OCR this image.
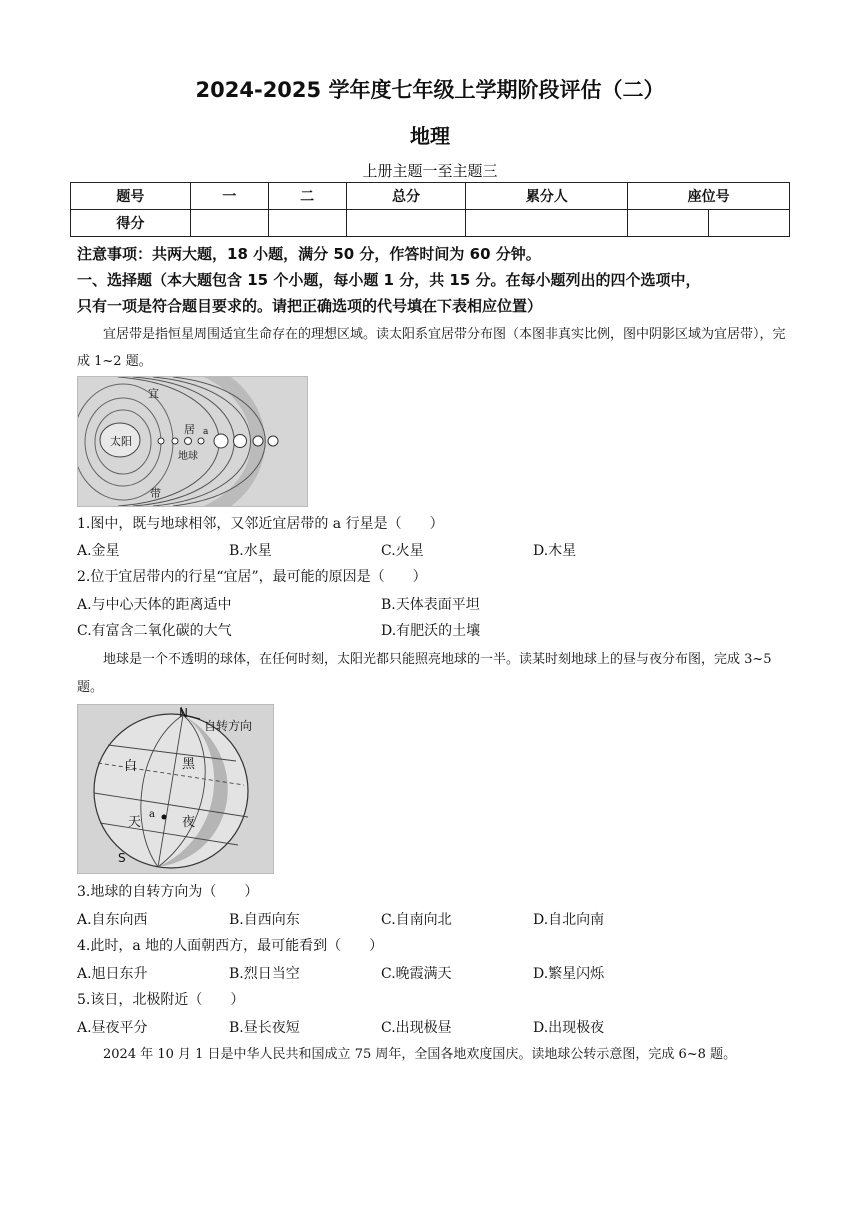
2024-2025 学年度七年级上学期阶段评估（二）
地理
上册主题一至主题三
题号	一	二	总分	累分人	座位号	
得分						

注意事项：共两大题，18 小题，满分 50 分，作答时间为 60 分钟。

一、选择题（本大题包含 15 个小题，每小题 1 分，共 15 分。在每小题列出的四个选项中，

只有一项是符合题目要求的。请把正确选项的代号填在下表相应位置）

宜居带是指恒星周围适宜生命存在的理想区域。读太阳系宜居带分布图（本图非真实比例，图中阴影区域为宜居带），完成 1~2 题。

太阳
宜
居
带
地球
a
1.图中，既与地球相邻，又邻近宜居带的 a 行星是（　　）
A.金星	B.水星	C.火星	D.木星
2.位于宜居带内的行星“宜居”，最可能的原因是（　　）
A.与中心天体的距离适中	B.天体表面平坦
C.有富含二氧化碳的大气	D.有肥沃的土壤

地球是一个不透明的球体，在任何时刻，太阳光都只能照亮地球的一半。读某时刻地球上的昼与夜分布图，完成 3~5 题。

N
S
自转方向
白
天
黑
夜
a
3.地球的自转方向为（　　）
A.自东向西	B.自西向东	C.自南向北	D.自北向南
4.此时，a 地的人面朝西方，最可能看到（　　）
A.旭日东升	B.烈日当空	C.晚霞满天	D.繁星闪烁
5.该日，北极附近（　　）
A.昼夜平分	B.昼长夜短	C.出现极昼	D.出现极夜

2024 年 10 月 1 日是中华人民共和国成立 75 周年，全国各地欢度国庆。读地球公转示意图，完成 6~8 题。
